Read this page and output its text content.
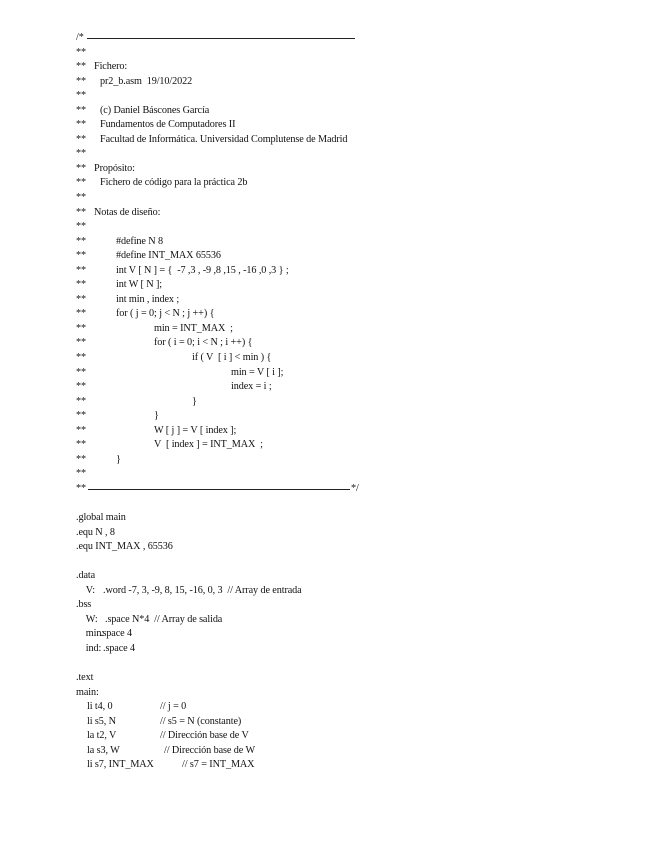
/*

**
** Fichero:
** pr2_b.asm  19/10/2022
**
** (c) Daniel Báscones García
** Fundamentos de Computadores II
** Facultad de Informática. Universidad Complutense de Madrid
**
** Propósito:
** Fichero de código para la práctica 2b
**
** Notas de diseño:
**
**	#define N 8
**	#define INT_MAX 65536
**	int V [ N ] = {  -7 ,3 , -9 ,8 ,15 , -16 ,0 ,3 } ;
**	int W [ N ];
**	int min , index ;
**	for ( j = 0; j < N ; j ++) {
**	min = INT_MAX  ;
**	for ( i = 0; i < N ; i ++) {
**	if ( V  [ i ] < min ) {
**	min = V [ i ];
**	index = i ;
**	}
**	}
**	W [ j ] = V [ index ];
**	V  [ index ] = INT_MAX  ;
**	}
**

**

	*/

.global main
.equ N , 8
.equ INT_MAX , 65536
.data

V:

.word -7, 3, -9, 8, 15, -16, 0, 3  // Array de entrada

.bss

W:

.space N*4  // Array de salida

min:

.space 4

ind:

.space 4

.text
main:
li t4, 0	// j = 0
li s5, N	// s5 = N (constante)
la t2, V	// Dirección base de V
la s3, W	// Dirección base de W
li s7, INT_MAX	// s7 = INT_MAX
